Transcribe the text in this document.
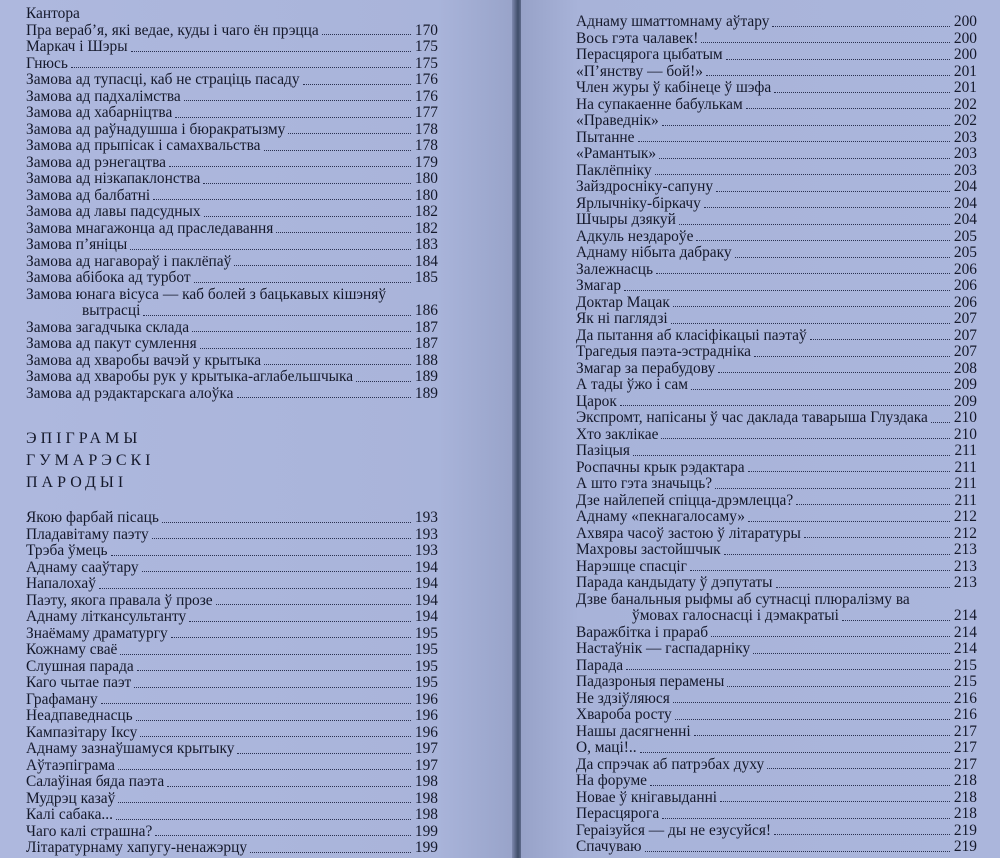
Кантора
Пра вераб’я, які ведае, куды і чаго ён прэцца	170
Маркач і Шэры	175
Гнюсь	175
Замова ад тупасці, каб не страціць пасаду	176
Замова ад падхалімства	176
Замова ад хабарніцтва	177
Замова ад раўнадушша і бюракратызму	178
Замова ад прыпісак і самахвальства	178
Замова ад рэнегацтва	179
Замова ад нізкапаклонства	180
Замова ад балбатні	180
Замова ад лавы падсудных	182
Замова мнагажонца ад праследавання	182
Замова п’яніцы	183
Замова ад нагавораў і паклёпаў	184
Замова абібока ад турбот	185
Замова юнага вісуса — каб болей з бацькавых кішэняў
вытрасці	186
Замова загадчыка склада	187
Замова ад пакут сумлення	187
Замова ад хваробы вачэй у крытыка	188
Замова ад хваробы рук у крытыка-аглабельшчыка	189
Замова ад рэдактарскага алоўка	189
ЭПІГРАМЫ
ГУМАРЭСКІ
ПАРОДЫІ
Якою фарбай пісаць	193
Пладавітаму паэту	193
Трэба ўмець	193
Аднаму сааўтару	194
Напалохаў	194
Паэту, якога правала ў прозе	194
Аднаму літкансультанту	194
Знаёмаму драматургу	195
Кожнаму сваё	195
Слушная парада	195
Каго чытае паэт	195
Графаману	196
Неадпаведнасць	196
Кампазітару Іксу	196
Аднаму зазнаўшамуся крытыку	197
Аўтаэпіграма	197
Салаўіная бяда паэта	198
Мудрэц казаў	198
Калі сабака...	198
Чаго калі страшна?	199
Літаратурнаму хапугу-ненажэрцу	199
Аднаму шматтомнаму аўтару	200
Вось гэта чалавек!	200
Перасцярога цыбатым	200
«П’янству — бой!»	201
Член журы ў кабінеце ў шэфа	201
На супакаенне бабулькам	202
«Праведнік»	202
Пытанне	203
«Рамантык»	203
Паклёпніку	203
Зайздросніку-сапуну	204
Ярлычніку-біркачу	204
Шчыры дзякуй	204
Адкуль нездароўе	205
Аднаму нібыта дабраку	205
Залежнасць	206
Змагар	206
Доктар Мацак	206
Як ні паглядзі	207
Да пытання аб класіфікацыі паэтаў	207
Трагедыя паэта-эстрадніка	207
Змагар за перабудову	208
А тады ўжо і сам	209
Царок	209
Экспромт, напісаны ў час даклада таварыша Глуздака 210
Хто заклікае	210
Пазіцыя	211
Роспачны крык рэдактара	211
А што гэта значыць?	211
Дзе найлепей спіцца-дрэмлецца?	211
Аднаму «пекнагалосаму»	212
Ахвяра часоў застою ў літаратуры	212
Махровы застойшчык	213
Нарэшце спасціг	213
Парада кандыдату ў дэпутаты	213
Дзве банальныя рыфмы аб сутнасці плюралізму ва
ўмовах галоснасці і дэмакратыі	214
Варажбітка і прараб	214
Настаўнік — гаспадарніку	214
Парада	215
Падазроныя перамены	215
Не здзіўляюся	216
Хвароба росту	216
Нашы дасягненні	217
О, маці!..	217
Да спрэчак аб патрэбах духу	217
На форуме	218
Новае ў кнігавыданні	218
Перасцярога	218
Гераізуйся — ды не езусуйся!	219
Спачуваю	219
